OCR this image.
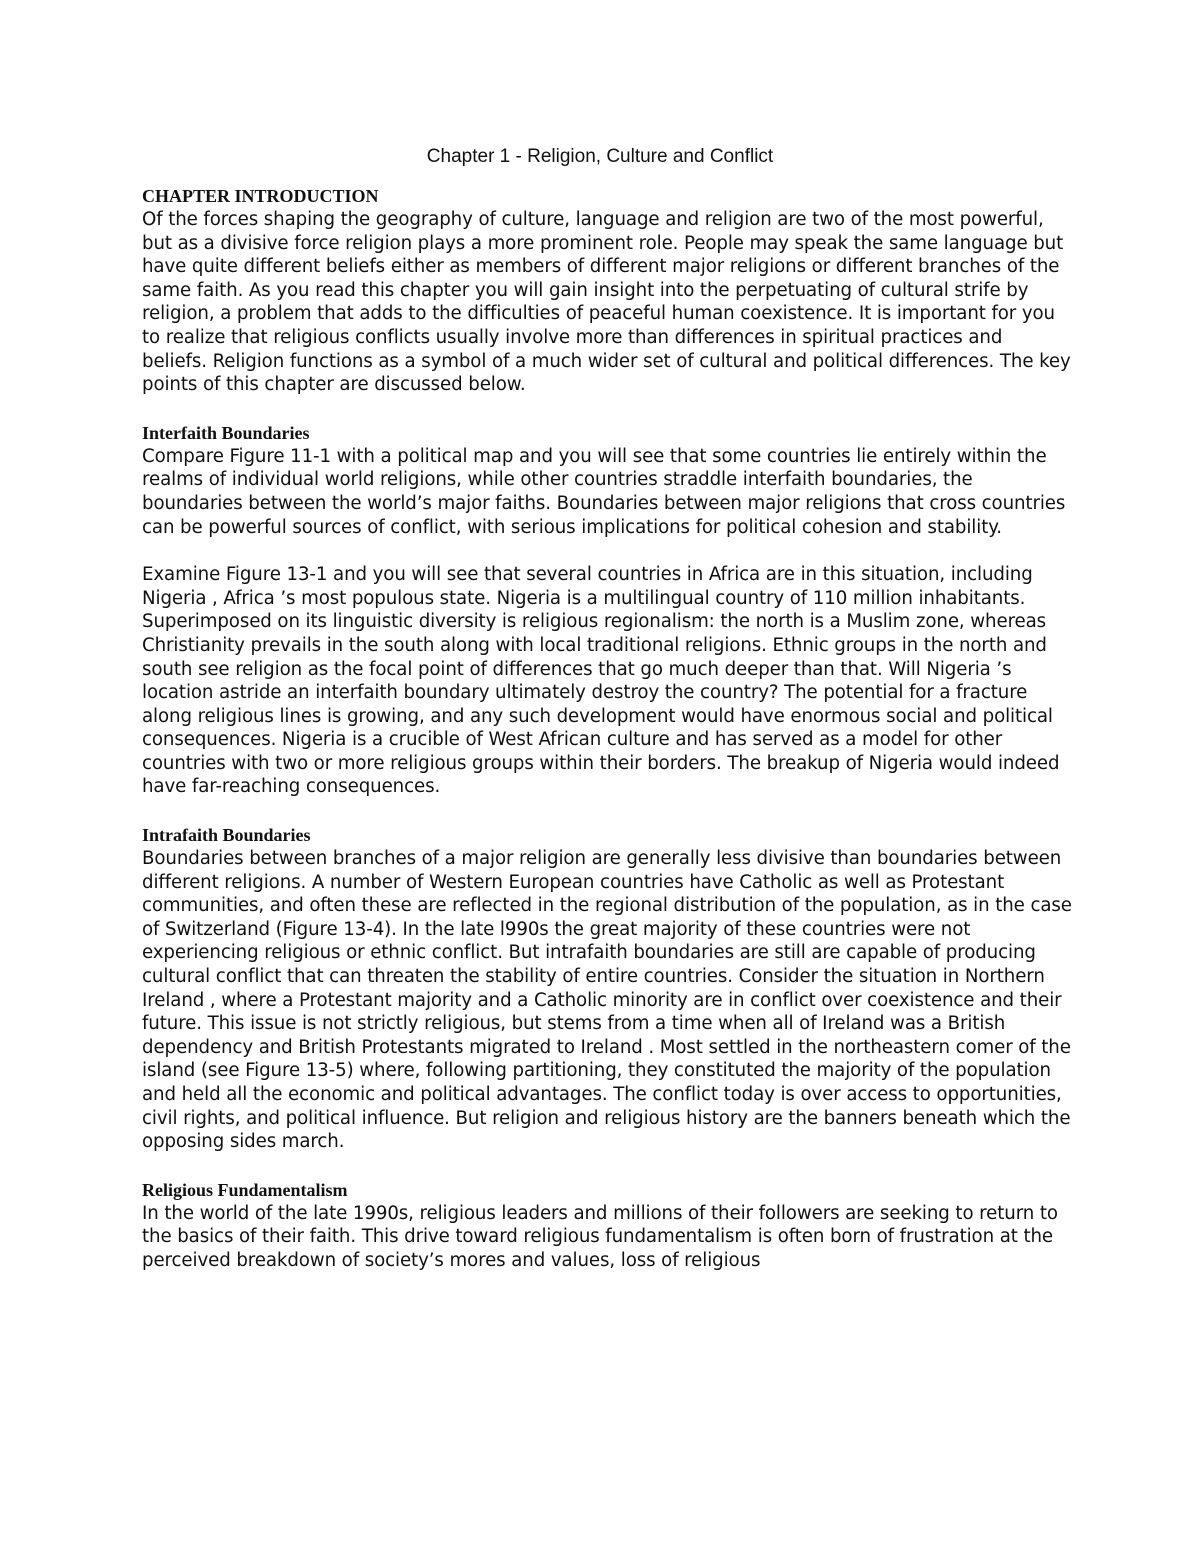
Chapter 1 - Religion, Culture and Conflict

CHAPTER INTRODUCTION

Of the forces shaping the geography of culture, language and religion are two of the most powerful, but as a divisive force religion plays a more prominent role. People may speak the same language but have quite different beliefs either as members of different major religions or different branches of the same faith. As you read this chapter you will gain insight into the perpetuating of cultural strife by religion, a problem that adds to the difficulties of peaceful human coexistence. It is important for you to realize that religious conflicts usually involve more than differences in spiritual practices and beliefs. Religion functions as a symbol of a much wider set of cultural and political differences. The key points of this chapter are discussed below.

Interfaith Boundaries

Compare Figure 11-1 with a political map and you will see that some countries lie entirely within the realms of individual world religions, while other countries straddle interfaith boundaries, the boundaries between the world’s major faiths. Boundaries between major religions that cross countries can be powerful sources of conflict, with serious implications for political cohesion and stability.

Examine Figure 13-1 and you will see that several countries in Africa are in this situation, including Nigeria , Africa ’s most populous state. Nigeria is a multilingual country of 110 million inhabitants. Superimposed on its linguistic diversity is religious regionalism: the north is a Muslim zone, whereas Christianity prevails in the south along with local traditional religions. Ethnic groups in the north and south see religion as the focal point of differences that go much deeper than that. Will Nigeria ’s location astride an interfaith boundary ultimately destroy the country? The potential for a fracture along religious lines is growing, and any such development would have enormous social and political consequences. Nigeria is a crucible of West African culture and has served as a model for other countries with two or more religious groups within their borders. The breakup of Nigeria would indeed have far-reaching consequences.

Intrafaith Boundaries

Boundaries between branches of a major religion are generally less divisive than boundaries between different religions. A number of Western European countries have Catholic as well as Protestant communities, and often these are reflected in the regional distribution of the population, as in the case of Switzerland (Figure 13-4). In the late l990s the great majority of these countries were not experiencing religious or ethnic conflict. But intrafaith boundaries are still are capable of producing cultural conflict that can threaten the stability of entire countries. Consider the situation in Northern Ireland , where a Protestant majority and a Catholic minority are in conflict over coexistence and their future. This issue is not strictly religious, but stems from a time when all of Ireland was a British dependency and British Protestants migrated to Ireland . Most settled in the northeastern comer of the island (see Figure 13-5) where, following partitioning, they constituted the majority of the population and held all the economic and political advantages. The conflict today is over access to opportunities, civil rights, and political influence. But religion and religious history are the banners beneath which the opposing sides march.

Religious Fundamentalism

In the world of the late 1990s, religious leaders and millions of their followers are seeking to return to the basics of their faith. This drive toward religious fundamentalism is often born of frustration at the perceived breakdown of society’s mores and values, loss of religious
